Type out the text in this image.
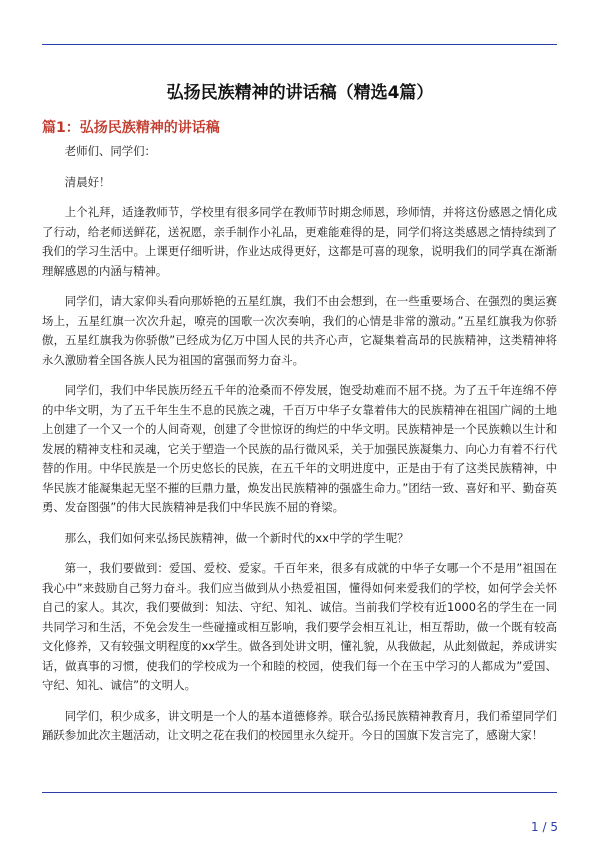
弘扬民族精神的讲话稿（精选4篇）
篇1：弘扬民族精神的讲话稿

老师们、同学们：

清晨好！

上个礼拜，适逢教师节，学校里有很多同学在教师节时期念师恩，珍师情，并将这份感恩之情化成了行动，给老师送鲜花，送祝愿，亲手制作小礼品，更难能难得的是，同学们将这类感恩之情持续到了我们的学习生活中。上课更仔细听讲，作业达成得更好，这都是可喜的现象，说明我们的同学真在渐渐理解感恩的内涵与精神。

同学们，请大家仰头看向那娇艳的五星红旗，我们不由会想到，在一些重要场合、在强烈的奥运赛场上，五星红旗一次次升起，嘹亮的国歌一次次奏响，我们的心情是非常的激动。”五星红旗我为你骄傲，五星红旗我为你骄傲”已经成为亿万中国人民的共齐心声，它凝集着高昂的民族精神，这类精神将永久激励着全国各族人民为祖国的富强而努力奋斗。

同学们，我们中华民族历经五千年的沧桑而不停发展，饱受劫难而不屈不挠。为了五千年连绵不停的中华文明，为了五千年生生不息的民族之魂，千百万中华子女靠着伟大的民族精神在祖国广阔的土地上创建了一个又一个的人间奇观，创建了令世惊讶的绚烂的中华文明。民族精神是一个民族赖以生计和发展的精神支柱和灵魂，它关于塑造一个民族的品行微风采，关于加强民族凝集力、向心力有着不行代替的作用。中华民族是一个历史悠长的民族，在五千年的文明进度中，正是由于有了这类民族精神，中华民族才能凝集起无坚不摧的巨鼎力量，焕发出民族精神的强盛生命力。”团结一致、喜好和平、勤奋英勇、发奋图强”的伟大民族精神是我们中华民族不屈的脊梁。

那么，我们如何来弘扬民族精神，做一个新时代的xx中学的学生呢？

第一，我们要做到：爱国、爱校、爱家。千百年来，很多有成就的中华子女哪一个不是用”祖国在我心中”来鼓励自己努力奋斗。我们应当做到从小热爱祖国，懂得如何来爱我们的学校，如何学会关怀自己的家人。其次，我们要做到：知法、守纪、知礼、诚信。当前我们学校有近1000名的学生在一同共同学习和生活，不免会发生一些碰撞或相互影响，我们要学会相互礼让，相互帮助，做一个既有较高文化修养，又有较强文明程度的xx学生。做各到处讲文明，懂礼貌，从我做起，从此刻做起，养成讲实话，做真事的习惯，使我们的学校成为一个和睦的校园，使我们每一个在玉中学习的人都成为”爱国、守纪、知礼、诚信”的文明人。

同学们，积少成多，讲文明是一个人的基本道德修养。联合弘扬民族精神教育月，我们希望同学们踊跃参加此次主题活动，让文明之花在我们的校园里永久绽开。今日的国旗下发言完了，感谢大家！

1 / 5
